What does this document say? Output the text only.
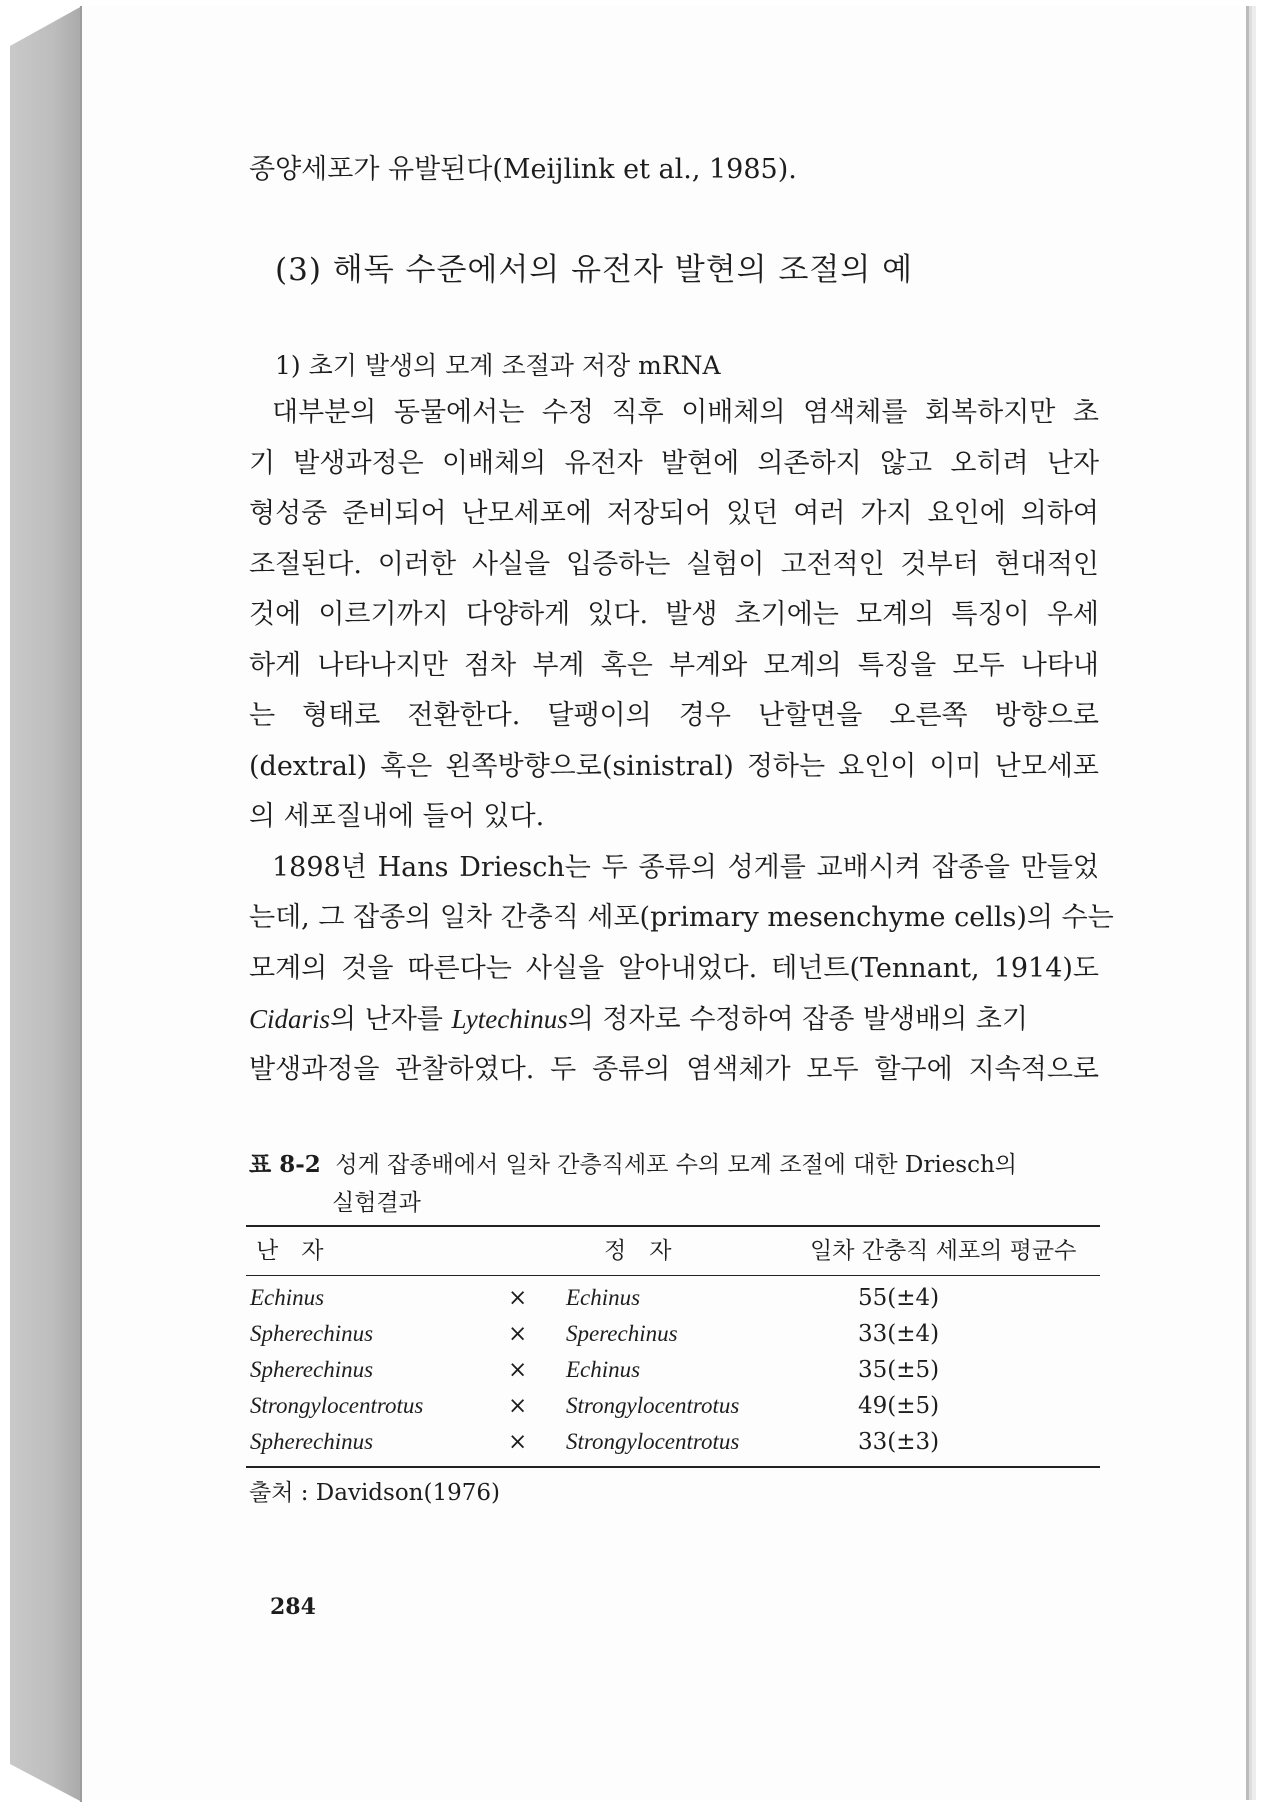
종양세포가 유발된다(Meijlink et al., 1985).
(3) 해독 수준에서의 유전자 발현의 조절의 예
1) 초기 발생의 모계 조절과 저장 mRNA
대부분의 동물에서는 수정 직후 이배체의 염색체를 회복하지만 초
기 발생과정은 이배체의 유전자 발현에 의존하지 않고 오히려 난자
형성중 준비되어 난모세포에 저장되어 있던 여러 가지 요인에 의하여
조절된다. 이러한 사실을 입증하는 실험이 고전적인 것부터 현대적인
것에 이르기까지 다양하게 있다. 발생 초기에는 모계의 특징이 우세
하게 나타나지만 점차 부계 혹은 부계와 모계의 특징을 모두 나타내
는 형태로 전환한다. 달팽이의 경우 난할면을 오른쪽 방향으로
(dextral) 혹은 왼쪽방향으로(sinistral) 정하는 요인이 이미 난모세포
의 세포질내에 들어 있다.
1898년 Hans Driesch는 두 종류의 성게를 교배시켜 잡종을 만들었
는데, 그 잡종의 일차 간충직 세포(primary mesenchyme cells)의 수는
모계의 것을 따른다는 사실을 알아내었다. 테넌트(Tennant, 1914)도
Cidaris의 난자를 Lytechinus의 정자로 수정하여 잡종 발생배의 초기
발생과정을 관찰하였다. 두 종류의 염색체가 모두 할구에 지속적으로
표 8-2 성게 잡종배에서 일차 간층직세포 수의 모계 조절에 대한 Driesch의
실험결과
난　자	정　자	일차 간충직 세포의 평균수
Echinus	×	Echinus	55(±4)
Spherechinus	×	Sperechinus	33(±4)
Spherechinus	×	Echinus	35(±5)
Strongylocentrotus	×	Strongylocentrotus	49(±5)
Spherechinus	×	Strongylocentrotus	33(±3)
출처 : Davidson(1976)
284
